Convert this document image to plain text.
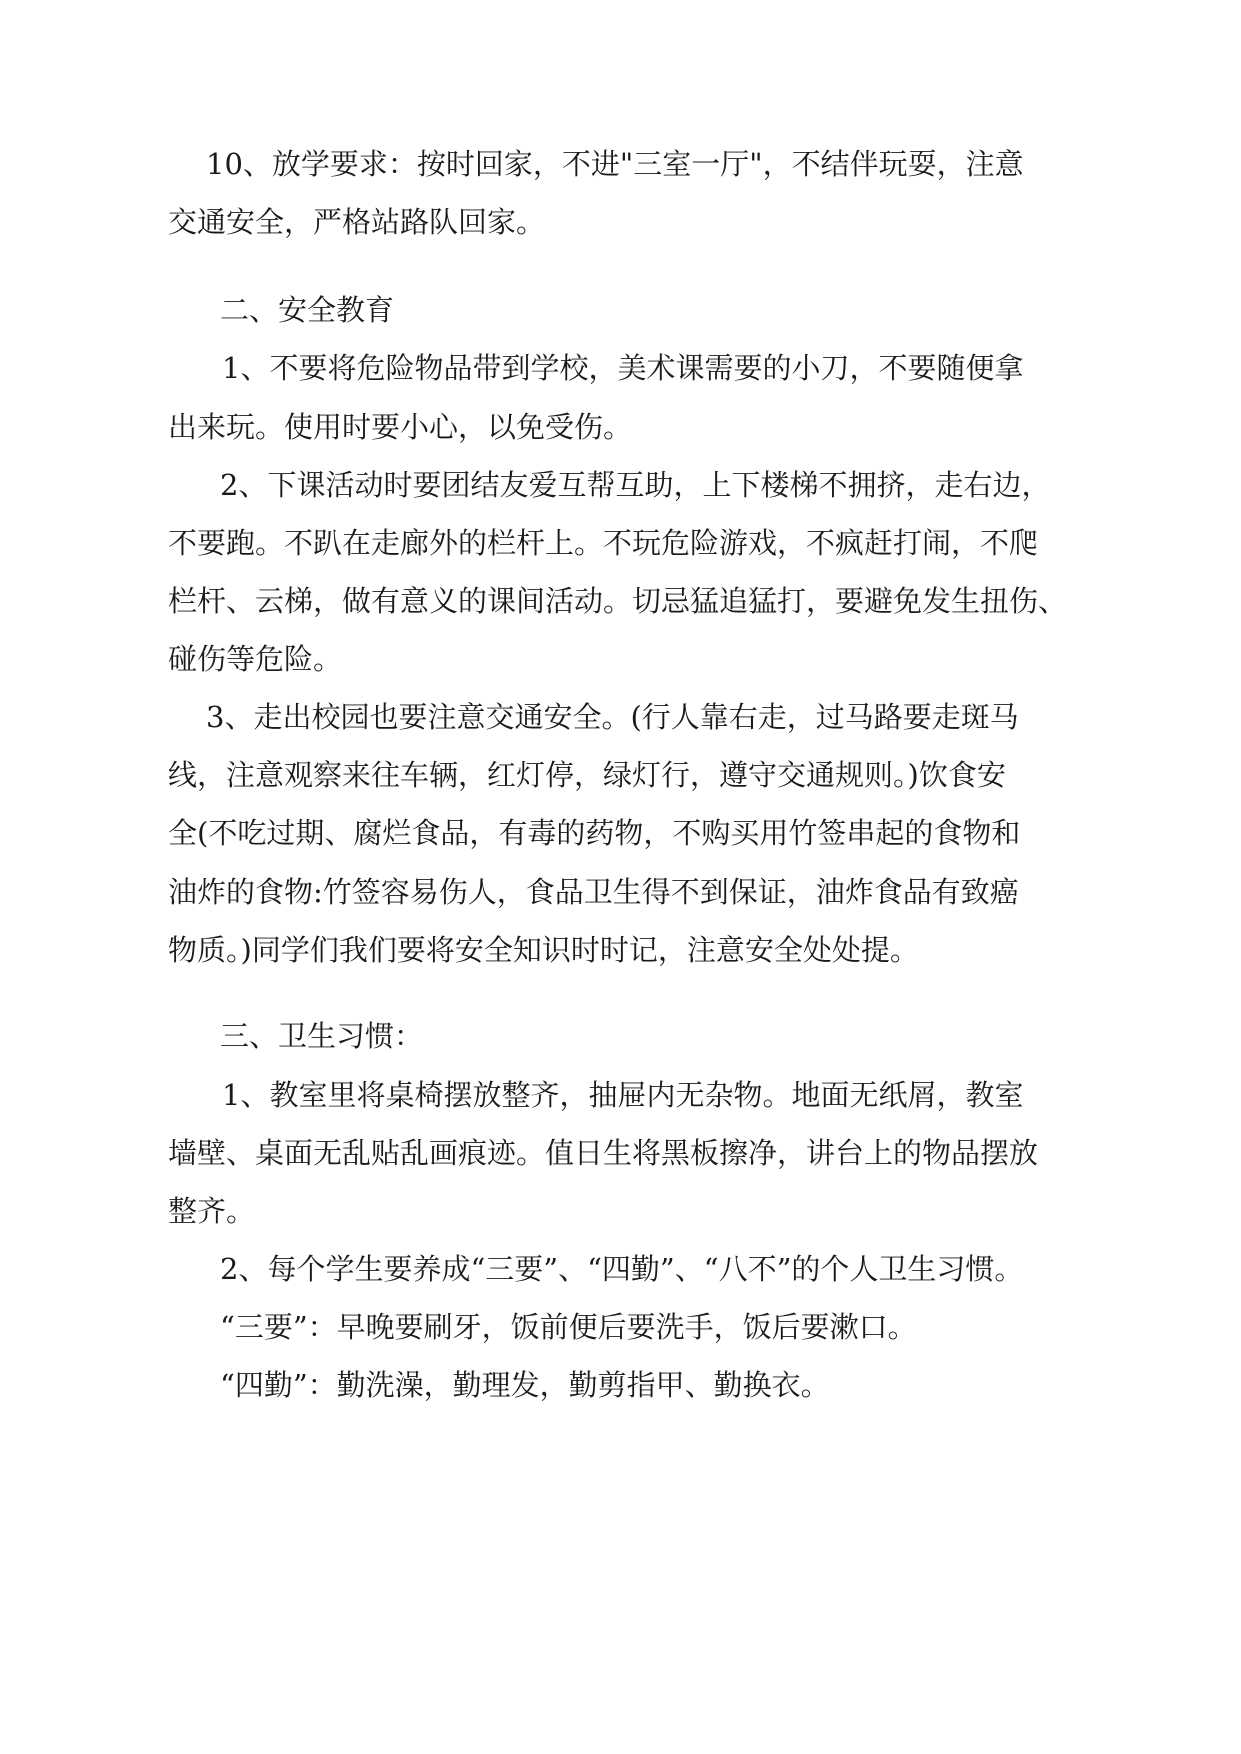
10、放学要求：按时回家，不进"三室一厅"，不结伴玩耍，注意
交通安全，严格站路队回家。
二、安全教育
1、不要将危险物品带到学校，美术课需要的小刀，不要随便拿
出来玩。使用时要小心，以免受伤。
2、下课活动时要团结友爱互帮互助，上下楼梯不拥挤，走右边，
不要跑。不趴在走廊外的栏杆上。不玩危险游戏，不疯赶打闹，不爬
栏杆、云梯，做有意义的课间活动。切忌猛追猛打，要避免发生扭伤、
碰伤等危险。
3、走出校园也要注意交通安全。(行人靠右走，过马路要走斑马
线，注意观察来往车辆，红灯停，绿灯行，遵守交通规则。)饮食安
全(不吃过期、腐烂食品，有毒的药物，不购买用竹签串起的食物和
油炸的食物:竹签容易伤人，食品卫生得不到保证，油炸食品有致癌
物质。)同学们我们要将安全知识时时记，注意安全处处提。
三、卫生习惯：
1、教室里将桌椅摆放整齐，抽屉内无杂物。地面无纸屑，教室
墙壁、桌面无乱贴乱画痕迹。值日生将黑板擦净，讲台上的物品摆放
整齐。
2、每个学生要养成“三要”、“四勤”、“八不”的个人卫生习惯。
“三要”：早晚要刷牙，饭前便后要洗手，饭后要漱口。
“四勤”：勤洗澡，勤理发，勤剪指甲、勤换衣。
